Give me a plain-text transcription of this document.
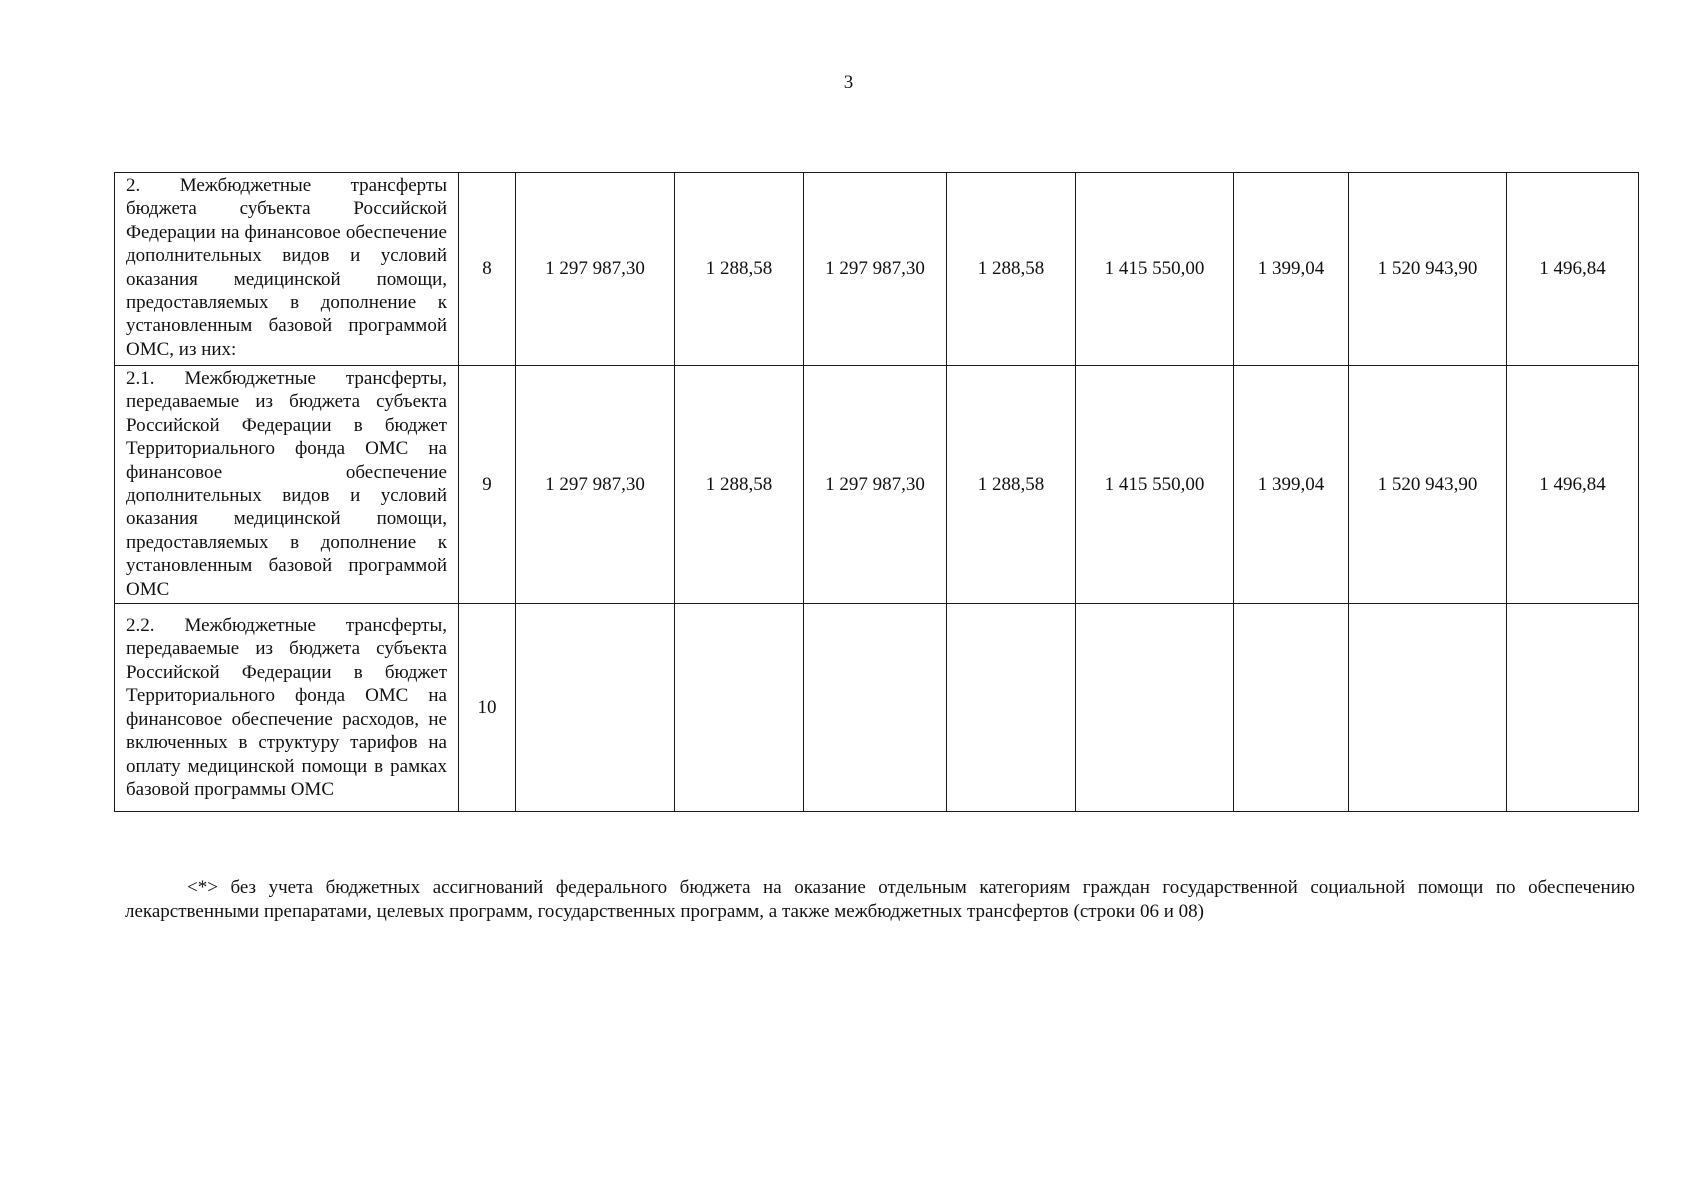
3
2. Межбюджетные трансферты бюджета субъекта Российской Федерации на финансовое обеспечение дополнительных видов и условий оказания медицинской помощи, предоставляемых в дополнение к установленным базовой программой ОМС, из них:	8	1 297 987,30	1 288,58	1 297 987,30	1 288,58	1 415 550,00	1 399,04	1 520 943,90	1 496,84
2.1. Межбюджетные трансферты, передаваемые из бюджета субъекта Российской Федерации в бюджет Территориального фонда ОМС на финансовое обеспечение дополнительных видов и условий оказания медицинской помощи, предоставляемых в дополнение к установленным базовой программой ОМС	9	1 297 987,30	1 288,58	1 297 987,30	1 288,58	1 415 550,00	1 399,04	1 520 943,90	1 496,84
2.2. Межбюджетные трансферты, передаваемые из бюджета субъекта Российской Федерации в бюджет Территориального фонда ОМС на финансовое обеспечение расходов, не включенных в структуру тарифов на оплату медицинской помощи в рамках базовой программы ОМС	10								

<*> без учета бюджетных ассигнований федерального бюджета на оказание отдельным категориям граждан государственной социальной помощи по обеспечению лекарственными препаратами, целевых программ, государственных программ, а также межбюджетных трансфертов (строки 06 и 08)
